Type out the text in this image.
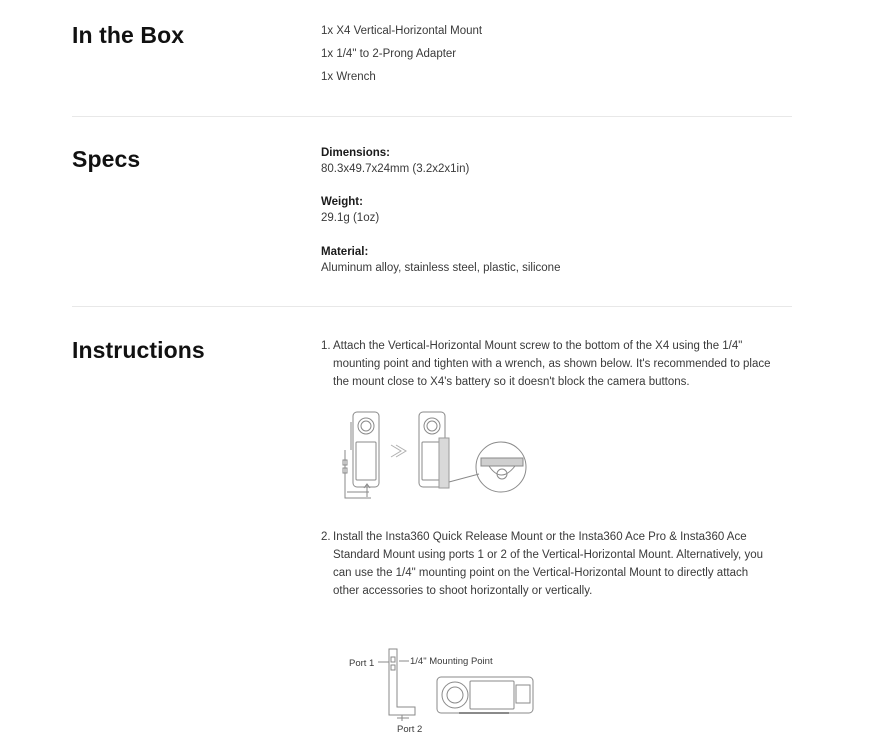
In the Box	1x X4 Vertical-Horizontal Mount
1x 1/4" to 2-Prong Adapter
1x Wrench
Specs	Dimensions:
80.3x49.7x24mm (3.2x2x1in)
Weight:
29.1g (1oz)
Material:
Aluminum alloy, stainless steel, plastic, silicone
Instructions	1. Attach the Vertical-Horizontal Mount screw to the bottom of the X4 using the 1/4" mounting point and tighten with a wrench, as shown below. It's recommended to place the mount close to X4's battery so it doesn't block the camera buttons.
2. Install the Insta360 Quick Release Mount or the Insta360 Ace Pro & Insta360 Ace Standard Mount using ports 1 or 2 of the Vertical-Horizontal Mount. Alternatively, you can use the 1/4" mounting point on the Vertical-Horizontal Mount to directly attach other accessories to shoot horizontally or vertically.
Port 1	1/4" Mounting Point
Port 2
